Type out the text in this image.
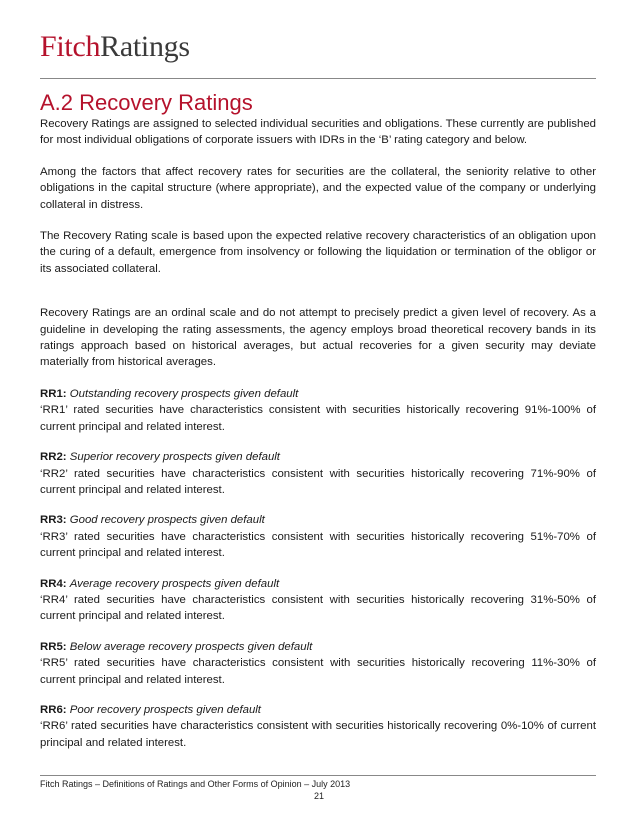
FitchRatings
A.2 Recovery Ratings

Recovery Ratings are assigned to selected individual securities and obligations. These currently are published for most individual obligations of corporate issuers with IDRs in the ‘B’ rating category and below.

Among the factors that affect recovery rates for securities are the collateral, the seniority relative to other obligations in the capital structure (where appropriate), and the expected value of the company or underlying collateral in distress.

The Recovery Rating scale is based upon the expected relative recovery characteristics of an obligation upon the curing of a default, emergence from insolvency or following the liquidation or termination of the obligor or its associated collateral.

Recovery Ratings are an ordinal scale and do not attempt to precisely predict a given level of recovery. As a guideline in developing the rating assessments, the agency employs broad theoretical recovery bands in its ratings approach based on historical averages, but actual recoveries for a given security may deviate materially from historical averages.

RR1: Outstanding recovery prospects given default
‘RR1’ rated securities have characteristics consistent with securities historically recovering 91%-100% of current principal and related interest.
RR2: Superior recovery prospects given default
‘RR2’ rated securities have characteristics consistent with securities historically recovering 71%-90% of current principal and related interest.
RR3: Good recovery prospects given default
‘RR3’ rated securities have characteristics consistent with securities historically recovering 51%-70% of current principal and related interest.
RR4: Average recovery prospects given default
‘RR4’ rated securities have characteristics consistent with securities historically recovering 31%-50% of current principal and related interest.
RR5: Below average recovery prospects given default
‘RR5’ rated securities have characteristics consistent with securities historically recovering 11%-30% of current principal and related interest.
RR6: Poor recovery prospects given default
‘RR6’ rated securities have characteristics consistent with securities historically recovering 0%-10% of current principal and related interest.
Fitch Ratings – Definitions of Ratings and Other Forms of Opinion – July 2013
21
